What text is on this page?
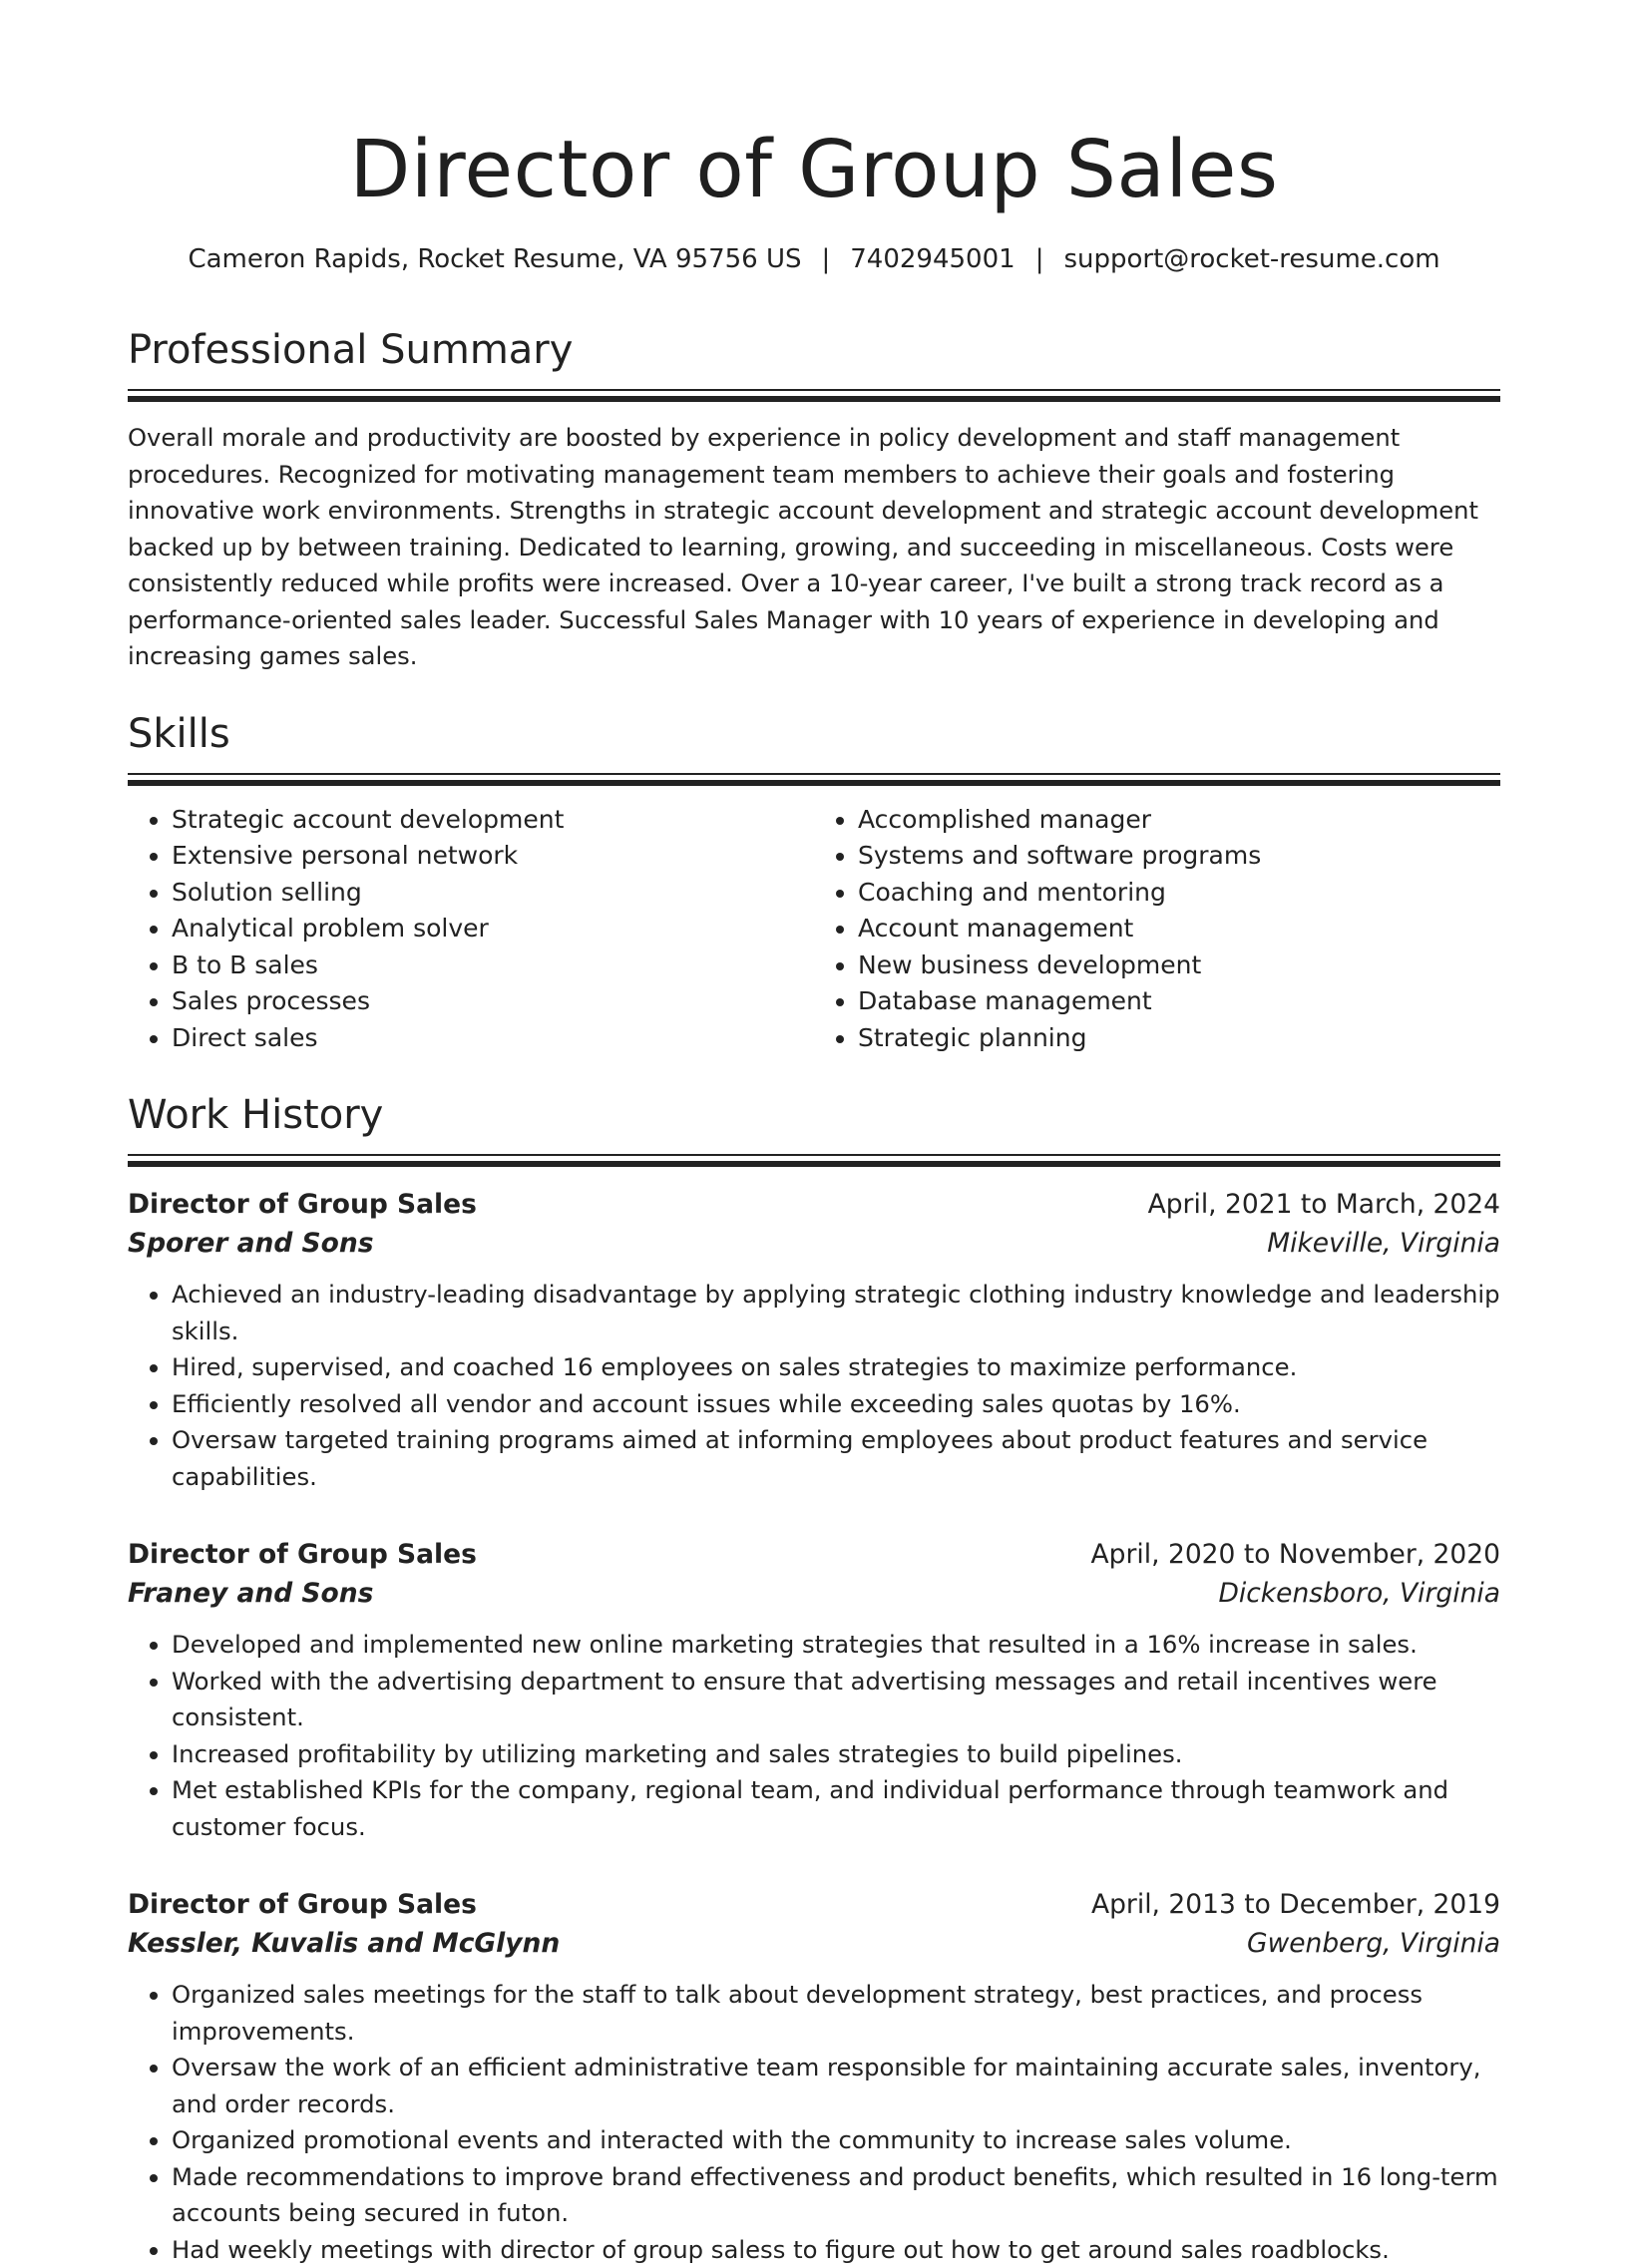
Director of Group Sales
Cameron Rapids, Rocket Resume, VA 95756 US | 7402945001 | support@rocket-resume.com
Professional Summary

Overall morale and productivity are boosted by experience in policy development and staff management procedures. Recognized for motivating management team members to achieve their goals and fostering innovative work environments. Strengths in strategic account development and strategic account development backed up by between training. Dedicated to learning, growing, and succeeding in miscellaneous. Costs were consistently reduced while profits were increased. Over a 10-year career, I've built a strong track record as a performance-oriented sales leader. Successful Sales Manager with 10 years of experience in developing and increasing games sales.

Skills
• Strategic account development
• Extensive personal network
• Solution selling
• Analytical problem solver
• B to B sales
• Sales processes
• Direct sales
• Accomplished manager
• Systems and software programs
• Coaching and mentoring
• Account management
• New business development
• Database management
• Strategic planning
Work History
Director of Group Sales	April, 2021 to March, 2024
Sporer and Sons	Mikeville, Virginia
• Achieved an industry-leading disadvantage by applying strategic clothing industry knowledge and leadership skills.
• Hired, supervised, and coached 16 employees on sales strategies to maximize performance.
• Efficiently resolved all vendor and account issues while exceeding sales quotas by 16%.
• Oversaw targeted training programs aimed at informing employees about product features and service capabilities.
Director of Group Sales	April, 2020 to November, 2020
Franey and Sons	Dickensboro, Virginia
• Developed and implemented new online marketing strategies that resulted in a 16% increase in sales.
• Worked with the advertising department to ensure that advertising messages and retail incentives were consistent.
• Increased profitability by utilizing marketing and sales strategies to build pipelines.
• Met established KPIs for the company, regional team, and individual performance through teamwork and customer focus.
Director of Group Sales	April, 2013 to December, 2019
Kessler, Kuvalis and McGlynn	Gwenberg, Virginia
• Organized sales meetings for the staff to talk about development strategy, best practices, and process improvements.
• Oversaw the work of an efficient administrative team responsible for maintaining accurate sales, inventory, and order records.
• Organized promotional events and interacted with the community to increase sales volume.
• Made recommendations to improve brand effectiveness and product benefits, which resulted in 16 long-term accounts being secured in futon.
• Had weekly meetings with director of group saless to figure out how to get around sales roadblocks.
